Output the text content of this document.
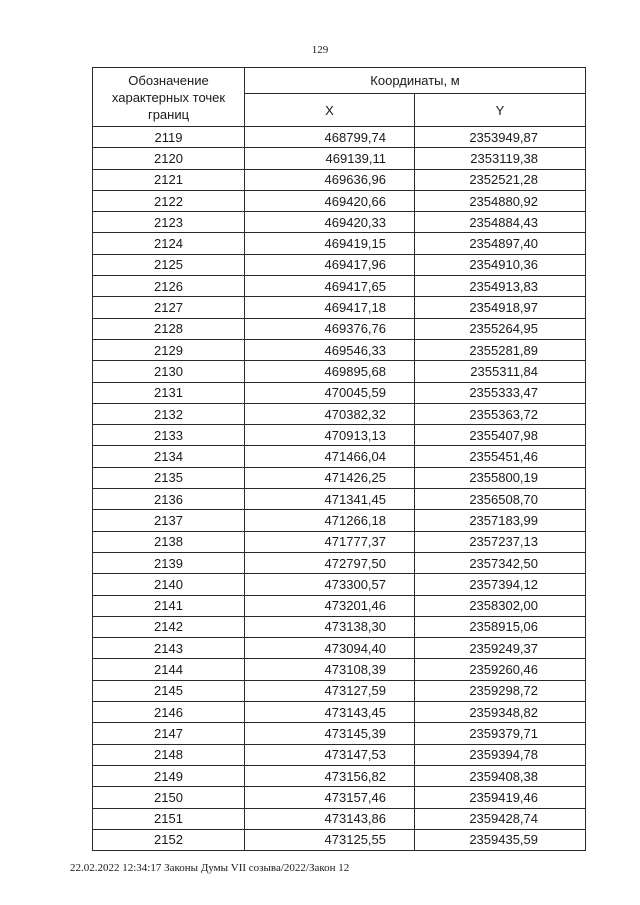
129
Обозначение характерных точек границ	Координаты, м	
	X	Y
2119	468799,74	2353949,87
2120	469139,11	2353119,38
2121	469636,96	2352521,28
2122	469420,66	2354880,92
2123	469420,33	2354884,43
2124	469419,15	2354897,40
2125	469417,96	2354910,36
2126	469417,65	2354913,83
2127	469417,18	2354918,97
2128	469376,76	2355264,95
2129	469546,33	2355281,89
2130	469895,68	2355311,84
2131	470045,59	2355333,47
2132	470382,32	2355363,72
2133	470913,13	2355407,98
2134	471466,04	2355451,46
2135	471426,25	2355800,19
2136	471341,45	2356508,70
2137	471266,18	2357183,99
2138	471777,37	2357237,13
2139	472797,50	2357342,50
2140	473300,57	2357394,12
2141	473201,46	2358302,00
2142	473138,30	2358915,06
2143	473094,40	2359249,37
2144	473108,39	2359260,46
2145	473127,59	2359298,72
2146	473143,45	2359348,82
2147	473145,39	2359379,71
2148	473147,53	2359394,78
2149	473156,82	2359408,38
2150	473157,46	2359419,46
2151	473143,86	2359428,74
2152	473125,55	2359435,59
22.02.2022 12:34:17 Законы Думы VII созыва/2022/Закон 12
